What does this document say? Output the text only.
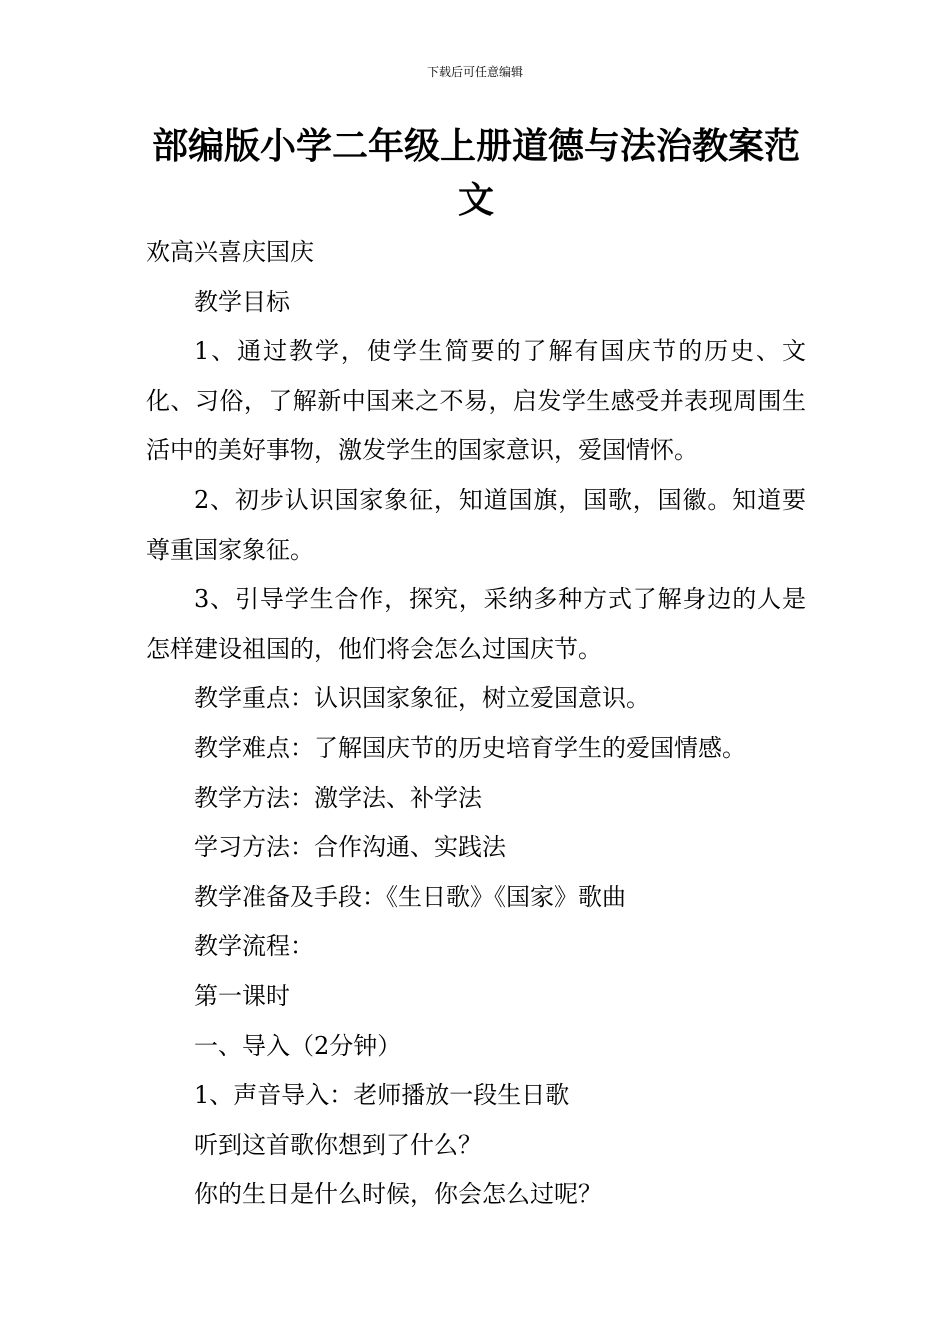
下载后可任意编辑
部编版小学二年级上册道德与法治教案范文

欢高兴喜庆国庆

教学目标

1、通过教学，使学生简要的了解有国庆节的历史、文化、习俗，了解新中国来之不易，启发学生感受并表现周围生活中的美好事物，激发学生的国家意识，爱国情怀。

2、初步认识国家象征，知道国旗，国歌，国徽。知道要尊重国家象征。

3、引导学生合作，探究，采纳多种方式了解身边的人是怎样建设祖国的，他们将会怎么过国庆节。

教学重点：认识国家象征，树立爱国意识。

教学难点：了解国庆节的历史培育学生的爱国情感。

教学方法：激学法、补学法

学习方法：合作沟通、实践法

教学准备及手段：《生日歌》《国家》歌曲

教学流程：

第一课时

一、导入（2分钟）

1、声音导入：老师播放一段生日歌

听到这首歌你想到了什么？

你的生日是什么时候，你会怎么过呢？
